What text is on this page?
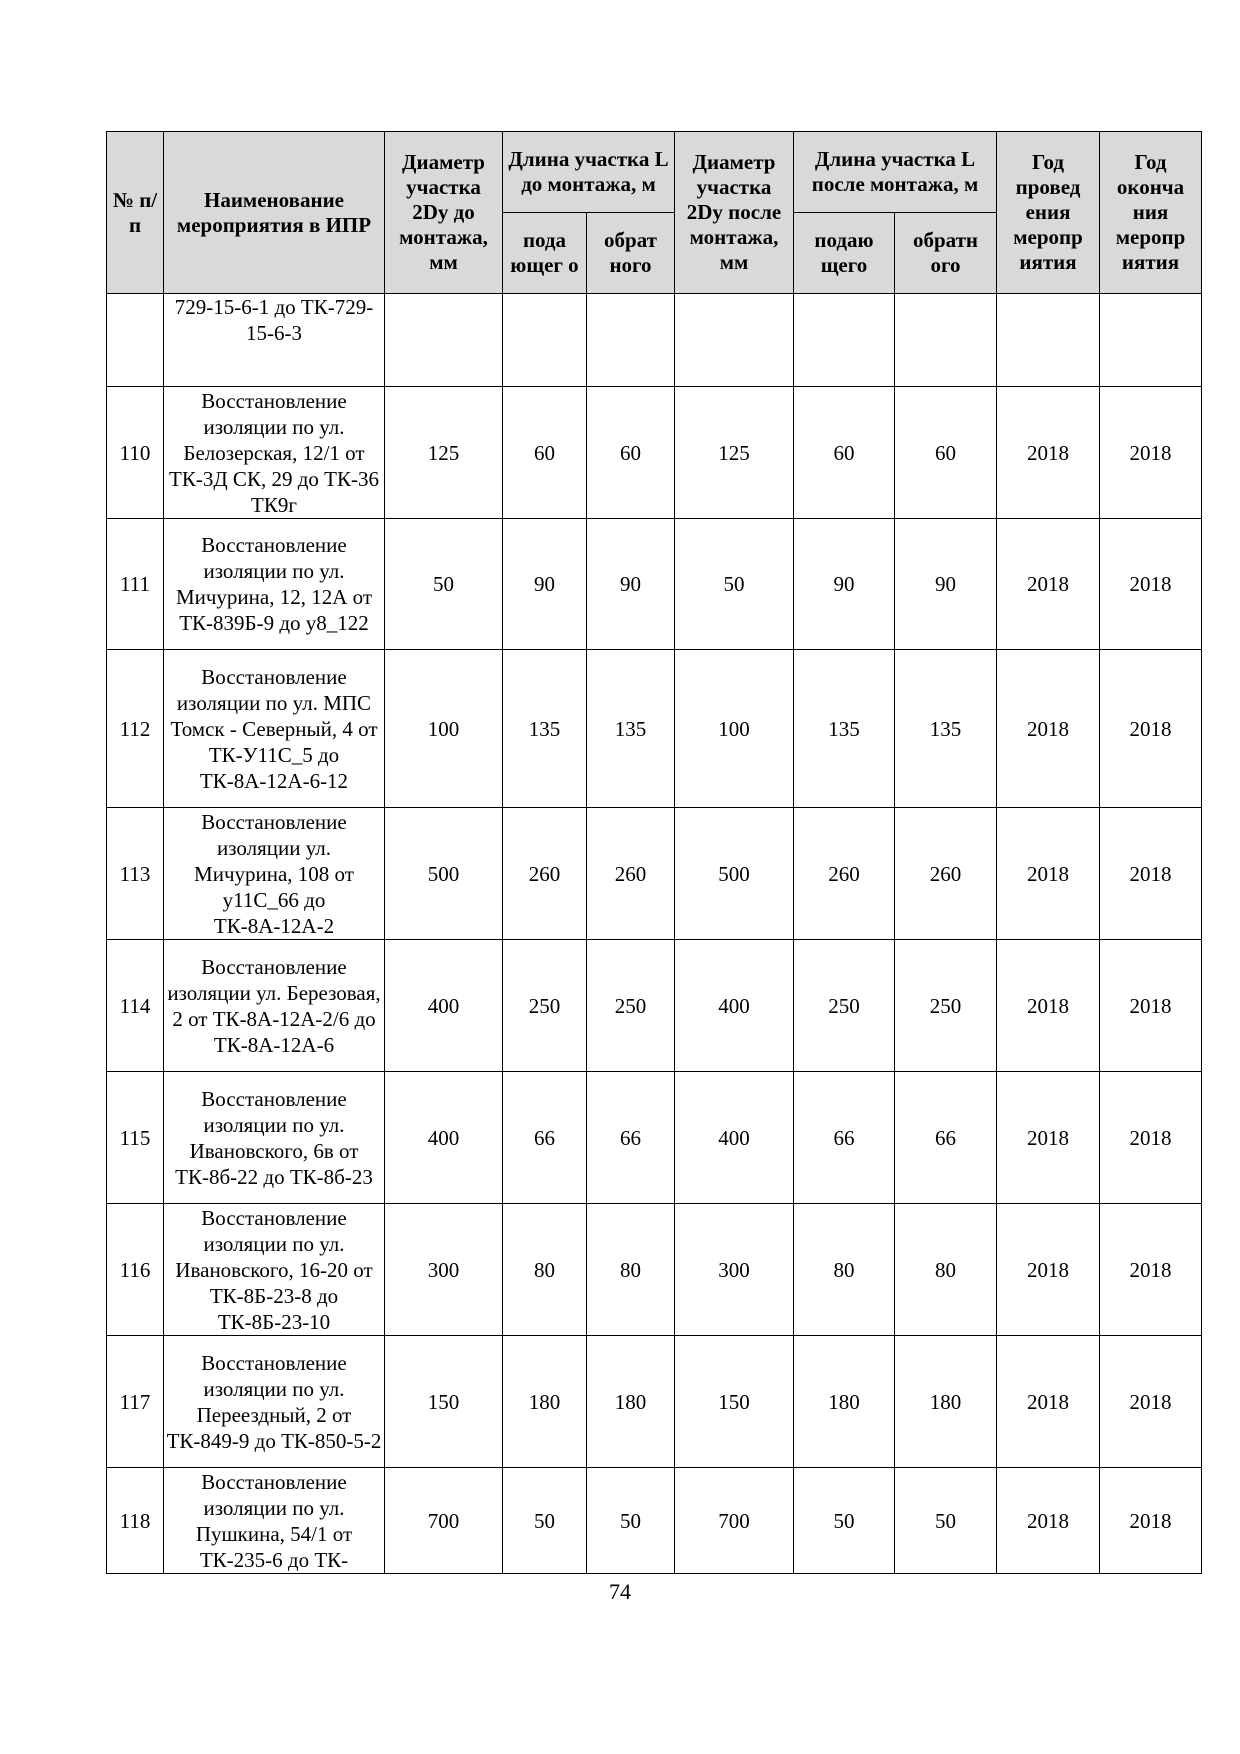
№ п/п	Наименование мероприятия в ИПР	Диаметр участка 2Dy до монтажа, мм	Длина участка L до монтажа, м		Диаметр участка 2Dy после монтажа, мм	Длина участка L после монтажа, м		Год провед ения меропр иятия	Год оконча ния меропр иятия
			пода ющег о	обрат ного		подаю щего	обратн ого		
	729-15-6-1 до ТК-729-15-6-3								
110	Восстановление изоляции по ул. Белозерская, 12/1 от ТК-3Д СК, 29 до ТК-36 ТК9г	125	60	60	125	60	60	2018	2018
111	Восстановление изоляции по ул. Мичурина, 12, 12А от ТК-839Б-9 до у8_122	50	90	90	50	90	90	2018	2018
112	Восстановление изоляции по ул. МПС Томск - Северный, 4 от ТК-У11С_5 до ТК-8А-12А-6-12	100	135	135	100	135	135	2018	2018
113	Восстановление изоляции ул. Мичурина, 108 от у11С_66 до ТК-8А-12А-2	500	260	260	500	260	260	2018	2018
114	Восстановление изоляции ул. Березовая, 2 от ТК-8А-12А-2/6 до ТК-8А-12А-6	400	250	250	400	250	250	2018	2018
115	Восстановление изоляции по ул. Ивановского, 6в от ТК-8б-22 до ТК-8б-23	400	66	66	400	66	66	2018	2018
116	Восстановление изоляции по ул. Ивановского, 16-20 от ТК-8Б-23-8 до ТК-8Б-23-10	300	80	80	300	80	80	2018	2018
117	Восстановление изоляции по ул. Переездный, 2 от ТК-849-9 до ТК-850-5-2	150	180	180	150	180	180	2018	2018
118	Восстановление изоляции по ул. Пушкина, 54/1 от ТК-235-6 до ТК-	700	50	50	700	50	50	2018	2018
74
